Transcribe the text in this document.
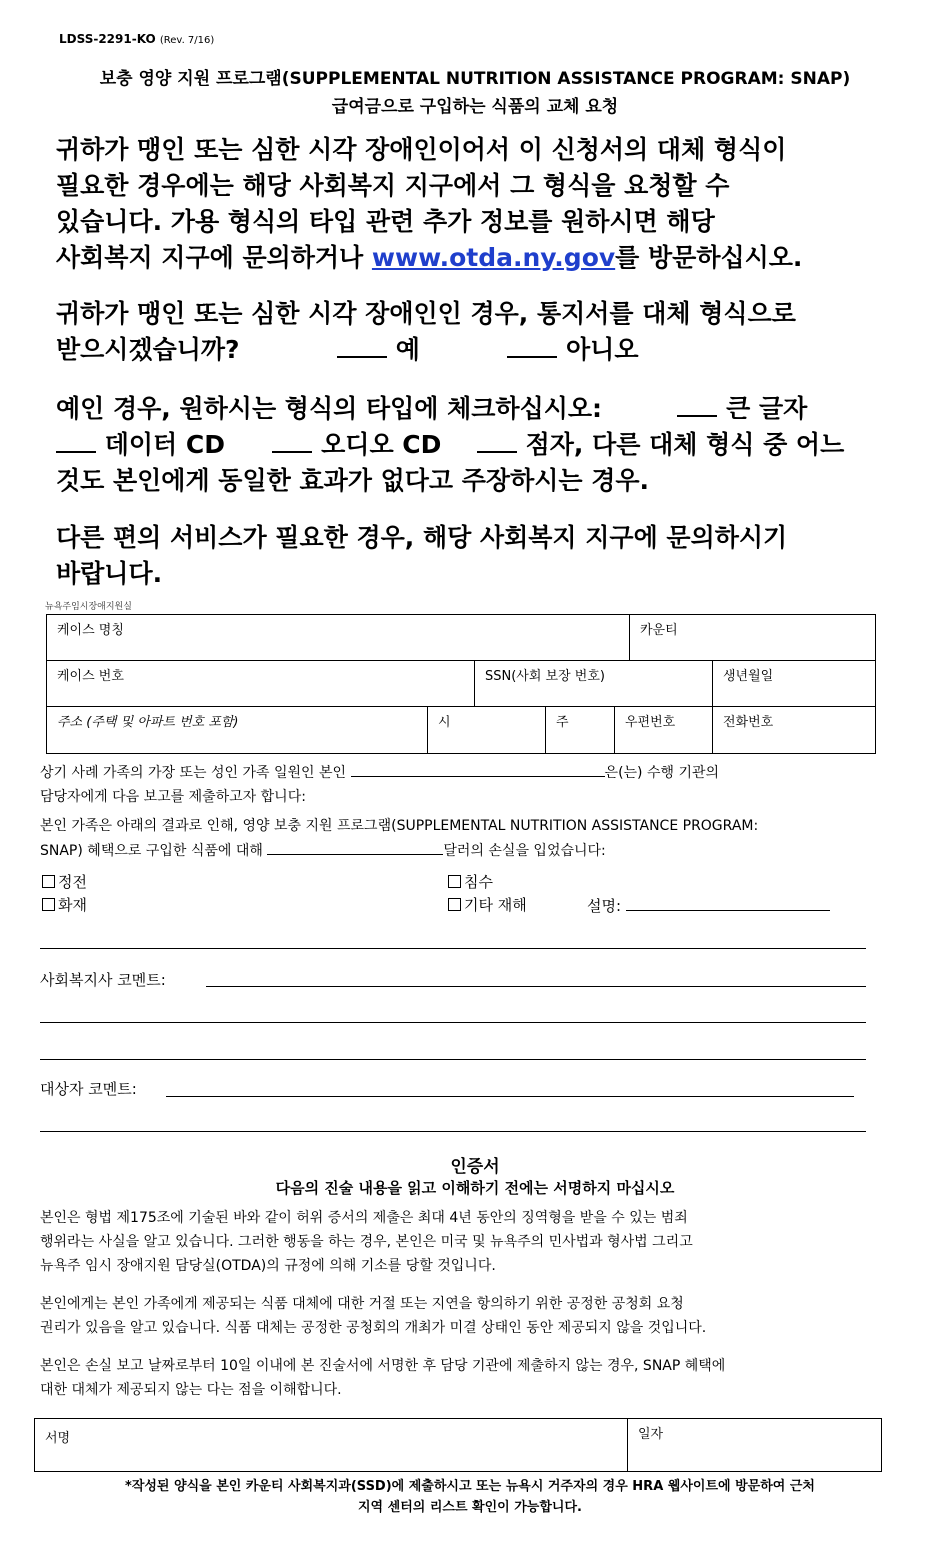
LDSS-2291-KO (Rev. 7/16)
보충 영양 지원 프로그램(SUPPLEMENTAL NUTRITION ASSISTANCE PROGRAM: SNAP)
급여금으로 구입하는 식품의 교체 요청
귀하가 맹인 또는 심한 시각 장애인이어서 이 신청서의 대체 형식이
필요한 경우에는 해당 사회복지 지구에서 그 형식을 요청할 수
있습니다. 가용 형식의 타입 관련 추가 정보를 원하시면 해당
사회복지 지구에 문의하거나 www.otda.ny.gov를 방문하십시오.
귀하가 맹인 또는 심한 시각 장애인인 경우, 통지서를 대체 형식으로
받으시겠습니까?	예	아니오
예인 경우, 원하시는 형식의 타입에 체크하십시오:	큰 글자
데이터 CD	오디오 CD	점자, 다른 대체 형식 중 어느
것도 본인에게 동일한 효과가 없다고 주장하시는 경우.
다른 편의 서비스가 필요한 경우, 해당 사회복지 지구에 문의하시기
바랍니다.
뉴욕주임시장애지원실
케이스 명칭	카운티
케이스 번호	SSN(사회 보장 번호)	생년월일
주소 (주택 및 아파트 번호 포함)	시	주	우편번호	전화번호
상기 사례 가족의 가장 또는 성인 가족 일원인 본인	은(는) 수행 기관의
담당자에게 다음 보고를 제출하고자 합니다:
본인 가족은 아래의 결과로 인해, 영양 보충 지원 프로그램(SUPPLEMENTAL NUTRITION ASSISTANCE PROGRAM:
SNAP) 혜택으로 구입한 식품에 대해	달러의 손실을 입었습니다:
정전
화재
침수
기타 재해	설명:
사회복지사 코멘트:
대상자 코멘트:
인증서
다음의 진술 내용을 읽고 이해하기 전에는 서명하지 마십시오
본인은 형법 제175조에 기술된 바와 같이 허위 증서의 제출은 최대 4년 동안의 징역형을 받을 수 있는 범죄
행위라는 사실을 알고 있습니다. 그러한 행동을 하는 경우, 본인은 미국 및 뉴욕주의 민사법과 형사법 그리고
뉴욕주 임시 장애지원 담당실(OTDA)의 규정에 의해 기소를 당할 것입니다.
본인에게는 본인 가족에게 제공되는 식품 대체에 대한 거절 또는 지연을 항의하기 위한 공정한 공청회 요청
권리가 있음을 알고 있습니다. 식품 대체는 공정한 공청회의 개최가 미결 상태인 동안 제공되지 않을 것입니다.
본인은 손실 보고 날짜로부터 10일 이내에 본 진술서에 서명한 후 담당 기관에 제출하지 않는 경우, SNAP 혜택에
대한 대체가 제공되지 않는 다는 점을 이해합니다.
서명	일자
*작성된 양식을 본인 카운티 사회복지과(SSD)에 제출하시고 또는 뉴욕시 거주자의 경우 HRA 웹사이트에 방문하여 근처
지역 센터의 리스트 확인이 가능합니다.
